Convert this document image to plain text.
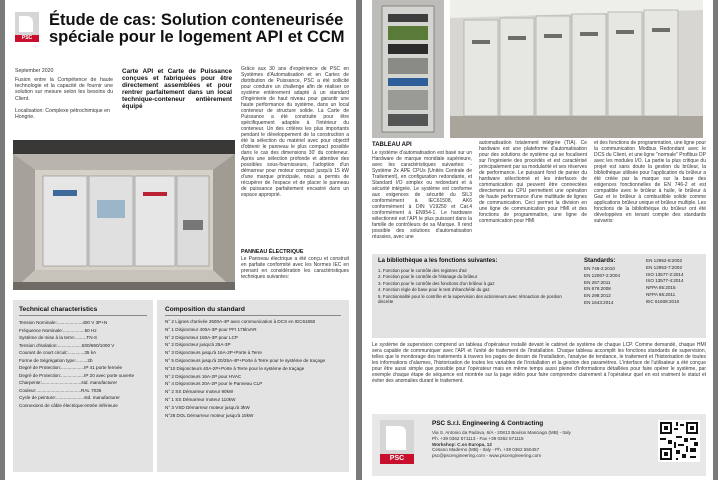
PSC
Étude de cas: Solution conteneurisée spéciale pour le logement API et CCM
September 2020
Fusion entre la Compétence de haute technologie et la capacité de fournir une solution sur mesure selon les besoins du Client.
Localisation: Complexe pétrochimique en Hongrie.
Carte API et Carte de Puissance conçues et fabriquées pour être directement assemblées et pour rentrer parfaitement dans un local technique-conteneur entièrement équipé
Grâce aux 30 ans d'expérience de PSC en Systèmes d'Automatisation et en Cartes de distribution de Puissance, PSC a été sollicité pour conduire un challenge afin de réaliser ce système entièrement adapté à un standard d'ingénierie de haut niveau pour garantir une haute performance du système, dans un local conteneur de structure solide. La Carte de Puissance a été construite pour être spécifiquement adaptée à l'intérieur du conteneur. Un des critères les plus importants pendant le développement de la construction a été la sélection du matériel avec pour objectif d'obtenir le panneau le plus compact possible dans le cas des dimensions 30' du conteneur. Après une sélection profonde et attentive des possibles sous-fournisseurs, l'adoption d'un démarreur pour moteur compact jusqu'à 15 kW d'une marque principale, nous a permis de récupérer de l'espace et de placer le panneau de puissance parfaitement encastré dans un espace approprié.
PANNEAU ÉLECTRIQUE
Le Panneau électrique a été conçu et construit en parfaite conformité avec les Normes IEC en prenant en considération les caractéristiques techniques suivantes:
Technical characteristics
Tension Nominale:....................400 V 3P+N
Fréquence Nominale:.................50 Hz
Système de mise à la terre:.........TN-S
Tension d'isolation:...................500/690/1000 V
Courant de court circuit:.............35 kA
Forme de Ségrégation type:.........2b
Degré de Protection:..................IP 41 porte fermée
Degré de Protection:..................IP 20 avec porte ouverte
Charpente:...............................std. manufacturer
Couleur:...................................RAL 7035
Cycle de peinture:......................std. manufacturer
Connexions de câble électrique:entrée inférieure
Composition du standard
N° 2 Lignes d'arrivée 2500A-4P avec communication à DCS en IEC61850
N° 1 Disjoncteur 400A-3P pour PFI 175kVAR
N° 2 Disjoncteur 160A-3P pour LCP
N° 2 Disjoncteur jusqu'à 25A-3P
N° 3 Disjoncteurs jusqu'à 16A-2P+Porte à Terre
N° 5 Disjoncteurs jusqu'à 20/25A-4P+Porte à Terre pour le système de traçage
N°10 Disjoncteurs 40A-2P+Porte à Terre pour le système de traçage
N° 2 Disjoncteurs 16A-2P pour HVAC
N° 4 Disjoncteurs 20A-2P pour le Panneau CLP
N° 2 SS Démarreur moteur 90kW
N° 1 SS Démarreur moteur 110kW
N° 3 VSD Démarreur moteur jusqu'à 3kW
N°28 DOL Démarreur moteur jusqu'à 15kW
TABLEAU API
Le système d'automatisation est basé sur un Hardware de marque mondiale supérieure, avec les caractéristiques suivantes: -Système 2x APE CPUs (Unités Centrale de Traitement), en configuration redondante, et Standard I/O simplex ou redondant et à sécurité intégrée. Le système est conforme aux exigences de sécurité du SIL3 conformément à IEC61508, AK6 conformément à DIN V19250 et Cat.4 conformément à EN954-1. Le hardware sélectionné est l'API le plus puissant dans la famille de contrôleurs de sa Marque. Il rend possible des solutions d'automatisation réussies, avec une
automatisation totalement intégrée (TIA). Ce hardware est une plateforme d'automatisation pour des solutions de système qui se focalisent sur l'ingénierie des procédés et est caractérisé principalement par sa modularité et ses réserves de performance. Le puissant fond de panier du hardware sélectionné et les interfaces de communication qui peuvent être connectées directement au CPU permettent une opération de haute performance d'une multitude de lignes de communication. Ceci permet la division en une ligne de communication pour HMI et des fonctions de programmation, une ligne de communication pour HMI
et des fonctions de programmation, une ligne pour la communication Modbus Redondant avec le DCS du Client, et une ligne "normale" Profibus DP avec les modules I/O. La partie la plus critique du projet est sans doute la gestion du brûleur, la bibliothèque utilisée pour l'application du brûleur a été créée par la marque sur la base des exigences fonctionnelles de EN 746-2 et est compatible avec le brûleur à huile, le brûleur à Gaz et le brûleur à combustible solide comme applications brûleur unique et brûleur multiple. Les fonctions de la bibliothèque du brûleur ont été développées en tenant compte des standards suivants:
La bibliothèque a les fonctions suivantes:
1. Fonction pour le contrôle des registres d'air
2. Fonction pour le contrôle de l'étanage du brûleur
3. Fonction pour le contrôle des fonctions d'un brûleur à gaz
4. Fonction règle de base pour le test d'étanchéité du gaz
5. Fonctionnalité pour le contrôle et la supervision des actionneurs avec rétroaction de position discrète
Standards:
EN 746-2:2010
EN 12067-2:2004
EN 267:2011
EN 676:2008
EN 298:2012
EN 1643:2014
EN 12952-8:2002
EN 12953-7:2002
ISO 13577-2:2014
ISO 13577-4:2014
NFPA 85:2015
NFPA 86:2011
IEC 61508:2010
Le système de supervision comprend un tableau d'opérateur installé devant le cabinet de système de chaque LCP. Comme demandé, chaque HMI sera capable de communiquer avec l'API et l'unité de traitement de l'installation. Chaque tableau accomplit les fonctions standards de supervision, telles que le monitorage des traitements à travers les pages de dessin de l'installation, l'analyse de tendance, le traitement et l'historisation de toutes les informations d'alarmes, l'historisation de toutes les variables de l'installation et la gestion des paramètres. L'interface de l'utilisateur a été conçue pour être aussi simple que possible pour l'opérateur mais en même temps aussi pleine d'informations détaillées pour faire opérer le système, par exemple chaque étape de séquence est montrée sur la page vidéo pour faire comprendre clairement à l'opérateur quel en est vraiment le statut et éviter des anomalies durant le traitement.
PSC
PSC S.r.l. Engineering & Contracting
Via S. Antonio da Padova, 6/A - 20813 Bovisio Masciago (MB) - Italy
Ph. +39 0362 571113 - Fax +39 0362 571115
Workshop: C.so Europa, 12
Cesano Maderno (MB) - Italy - Ph. +39 0362 550457
psc@pscengineering.com - www.pscengineering.com
